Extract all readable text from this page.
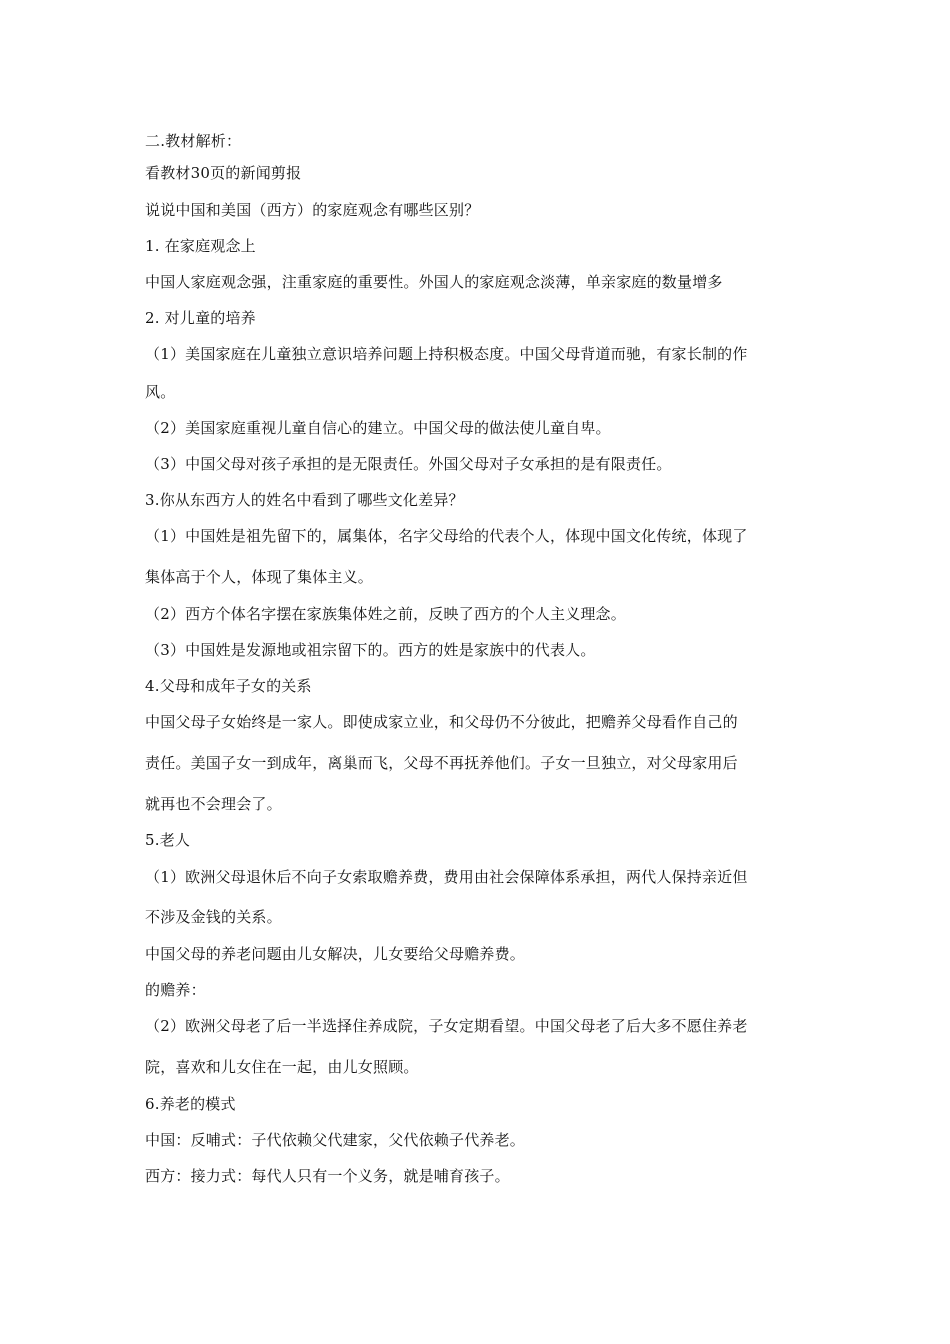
二.教材解析：
看教材30页的新闻剪报
说说中国和美国（西方）的家庭观念有哪些区别？
1. 在家庭观念上
中国人家庭观念强，注重家庭的重要性。外国人的家庭观念淡薄，单亲家庭的数量增多
2. 对儿童的培养
（1）美国家庭在儿童独立意识培养问题上持积极态度。中国父母背道而驰，有家长制的作
风。
（2）美国家庭重视儿童自信心的建立。中国父母的做法使儿童自卑。
（3）中国父母对孩子承担的是无限责任。外国父母对子女承担的是有限责任。
3.你从东西方人的姓名中看到了哪些文化差异？
（1）中国姓是祖先留下的，属集体，名字父母给的代表个人，体现中国文化传统，体现了
集体高于个人，体现了集体主义。
（2）西方个体名字摆在家族集体姓之前，反映了西方的个人主义理念。
（3）中国姓是发源地或祖宗留下的。西方的姓是家族中的代表人。
4.父母和成年子女的关系
中国父母子女始终是一家人。即使成家立业，和父母仍不分彼此，把赡养父母看作自己的
责任。美国子女一到成年，离巢而飞，父母不再抚养他们。子女一旦独立，对父母家用后
就再也不会理会了。
5.老人
（1）欧洲父母退休后不向子女索取赡养费，费用由社会保障体系承担，两代人保持亲近但
不涉及金钱的关系。
中国父母的养老问题由儿女解决，儿女要给父母赡养费。
的赡养：
（2）欧洲父母老了后一半选择住养成院，子女定期看望。中国父母老了后大多不愿住养老
院，喜欢和儿女住在一起，由儿女照顾。
6.养老的模式
中国：反哺式：子代依赖父代建家，父代依赖子代养老。
西方：接力式：每代人只有一个义务，就是哺育孩子。
